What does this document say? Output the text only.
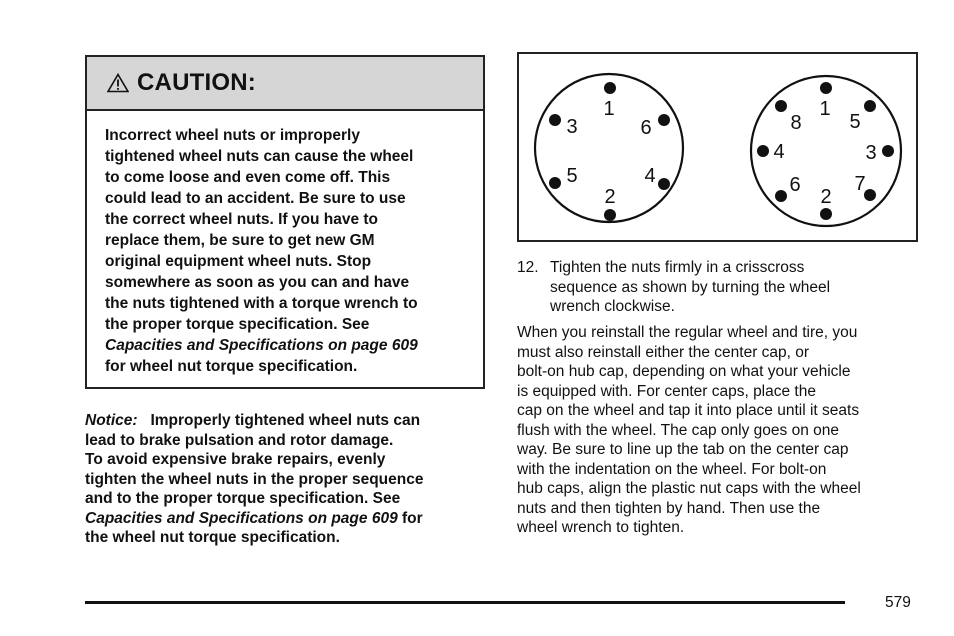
CAUTION:
Incorrect wheel nuts or improperly
tightened wheel nuts can cause the wheel
to come loose and even come off. This
could lead to an accident. Be sure to use
the correct wheel nuts. If you have to
replace them, be sure to get new GM
original equipment wheel nuts. Stop
somewhere as soon as you can and have
the nuts tightened with a torque wrench to
the proper torque specification. See
Capacities and Specifications on page 609
for wheel nut torque specification.
Notice: Improperly tightened wheel nuts can
lead to brake pulsation and rotor damage.
To avoid expensive brake repairs, evenly
tighten the wheel nuts in the proper sequence
and to the proper torque specification. See
Capacities and Specifications on page 609 for
the wheel nut torque specification.
1
6
4
2
5
3
1
5
3
7
2
6
4
8
12. Tighten the nuts firmly in a crisscross
sequence as shown by turning the wheel
wrench clockwise.
When you reinstall the regular wheel and tire, you
must also reinstall either the center cap, or
bolt-on hub cap, depending on what your vehicle
is equipped with. For center caps, place the
cap on the wheel and tap it into place until it seats
flush with the wheel. The cap only goes on one
way. Be sure to line up the tab on the center cap
with the indentation on the wheel. For bolt-on
hub caps, align the plastic nut caps with the wheel
nuts and then tighten by hand. Then use the
wheel wrench to tighten.
579
